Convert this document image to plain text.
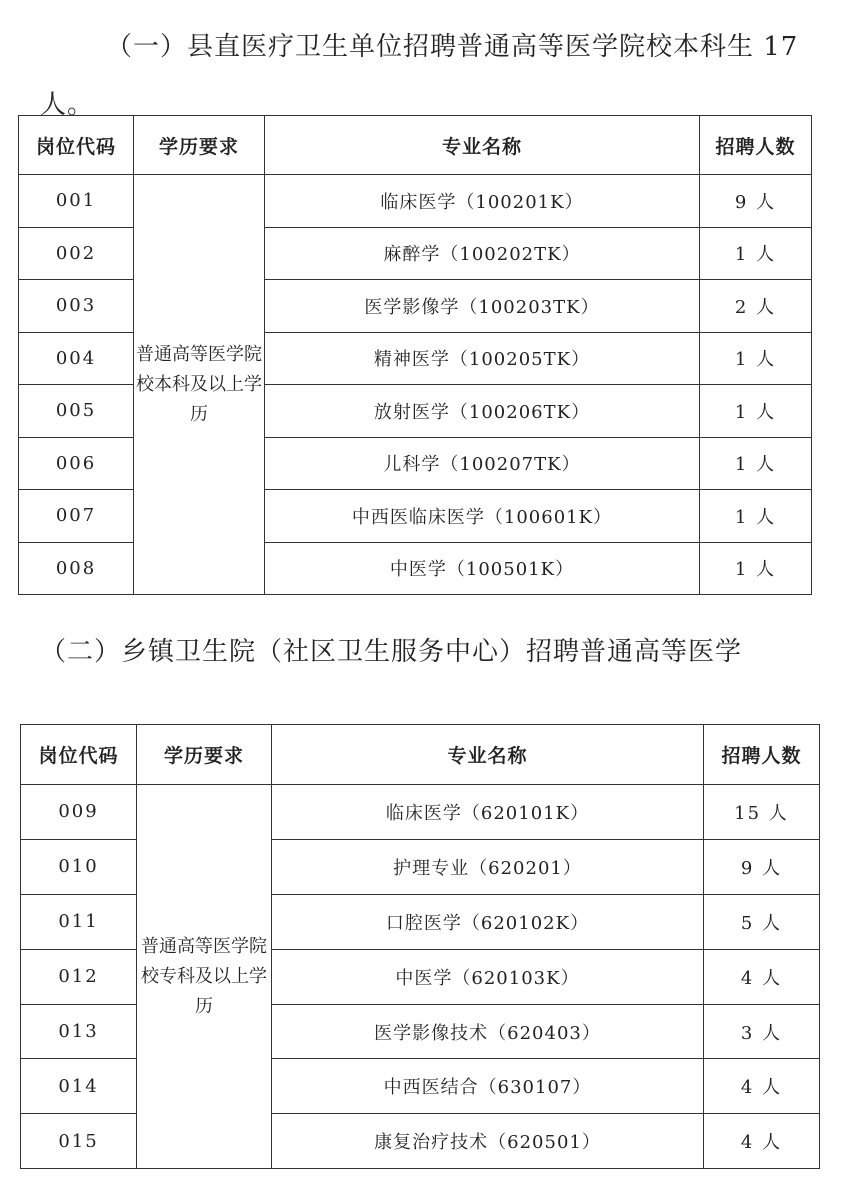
（一）县直医疗卫生单位招聘普通高等医学院校本科生 17 人。

岗位代码	学历要求	专业名称	招聘人数
001	普通高等医学院校本科及以上学历	临床医学（100201K）	9 人
002		麻醉学（100202TK）	1 人
003		医学影像学（100203TK）	2 人
004		精神医学（100205TK）	1 人
005		放射医学（100206TK）	1 人
006		儿科学（100207TK）	1 人
007		中西医临床医学（100601K）	1 人
008		中医学（100501K）	1 人

（二）乡镇卫生院（社区卫生服务中心）招聘普通高等医学

岗位代码	学历要求	专业名称	招聘人数
009	普通高等医学院校专科及以上学历	临床医学（620101K）	15 人
010		护理专业（620201）	9 人
011		口腔医学（620102K）	5 人
012		中医学（620103K）	4 人
013		医学影像技术（620403）	3 人
014		中西医结合（630107）	4 人
015		康复治疗技术（620501）	4 人
